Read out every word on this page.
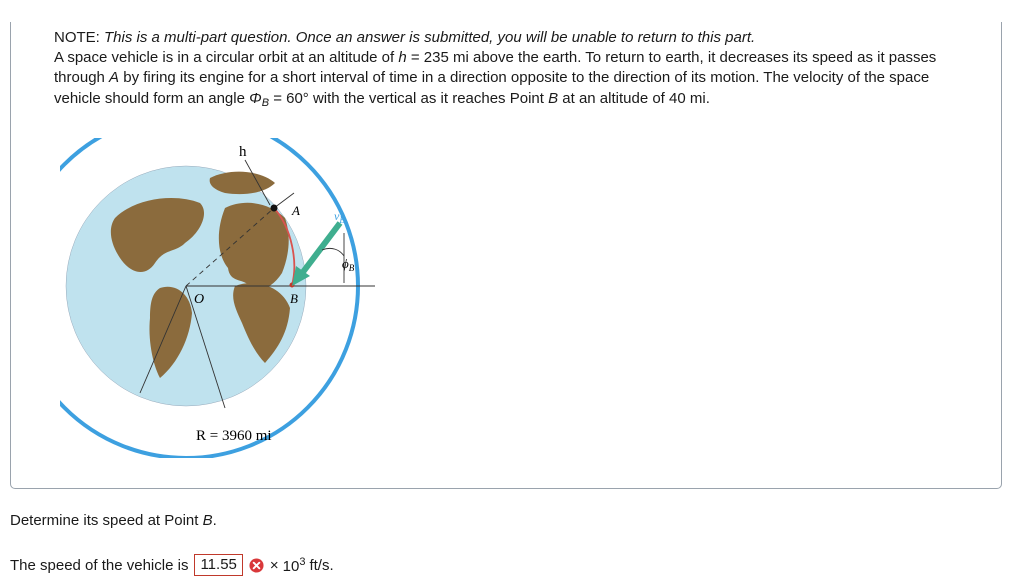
NOTE: This is a multi-part question. Once an answer is submitted, you will be unable to return to this part.

A space vehicle is in a circular orbit at an altitude of h = 235 mi above the earth. To return to earth, it decreases its speed as it passes through A by firing its engine for a short interval of time in a direction opposite to the direction of its motion. The velocity of the space vehicle should form an angle $\Phi_B = 60^\circ$ with the vertical as it reaches Point B at an altitude of 40 mi.

h
A
B
O
$v_B$
$\phi_B$
R = 3960 mi
Determine its speed at Point B.
The speed of the vehicle is 11.55	× $10^3$ ft/s.
